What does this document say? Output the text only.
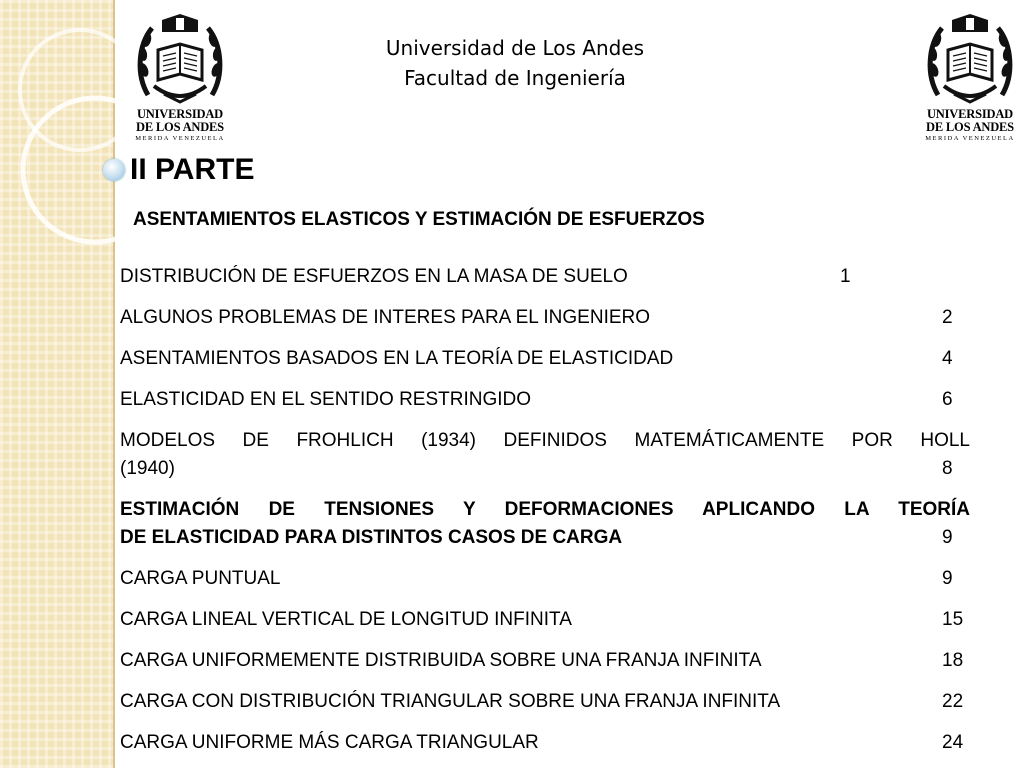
UNIVERSIDAD
DE LOS ANDES
MERIDA VENEZUELA
UNIVERSIDAD
DE LOS ANDES
MERIDA VENEZUELA
Universidad de Los Andes
Facultad de Ingeniería
II PARTE
ASENTAMIENTOS ELASTICOS Y ESTIMACIÓN DE ESFUERZOS
DISTRIBUCIÓN DE ESFUERZOS EN LA MASA DE SUELO	1
ALGUNOS PROBLEMAS DE INTERES PARA EL INGENIERO	2
ASENTAMIENTOS BASADOS EN LA TEORÍA DE ELASTICIDAD	4
ELASTICIDAD EN EL SENTIDO RESTRINGIDO	6
MODELOS DE FROHLICH (1934) DEFINIDOS MATEMÁTICAMENTE POR HOLL
(1940)	8
ESTIMACIÓN DE TENSIONES Y DEFORMACIONES APLICANDO LA TEORÍA
DE ELASTICIDAD PARA DISTINTOS CASOS DE CARGA	9
CARGA PUNTUAL	9
CARGA LINEAL VERTICAL DE LONGITUD INFINITA	15
CARGA UNIFORMEMENTE DISTRIBUIDA SOBRE UNA FRANJA INFINITA	18
CARGA CON DISTRIBUCIÓN TRIANGULAR SOBRE UNA FRANJA INFINITA	22
CARGA UNIFORME MÁS CARGA TRIANGULAR	24
